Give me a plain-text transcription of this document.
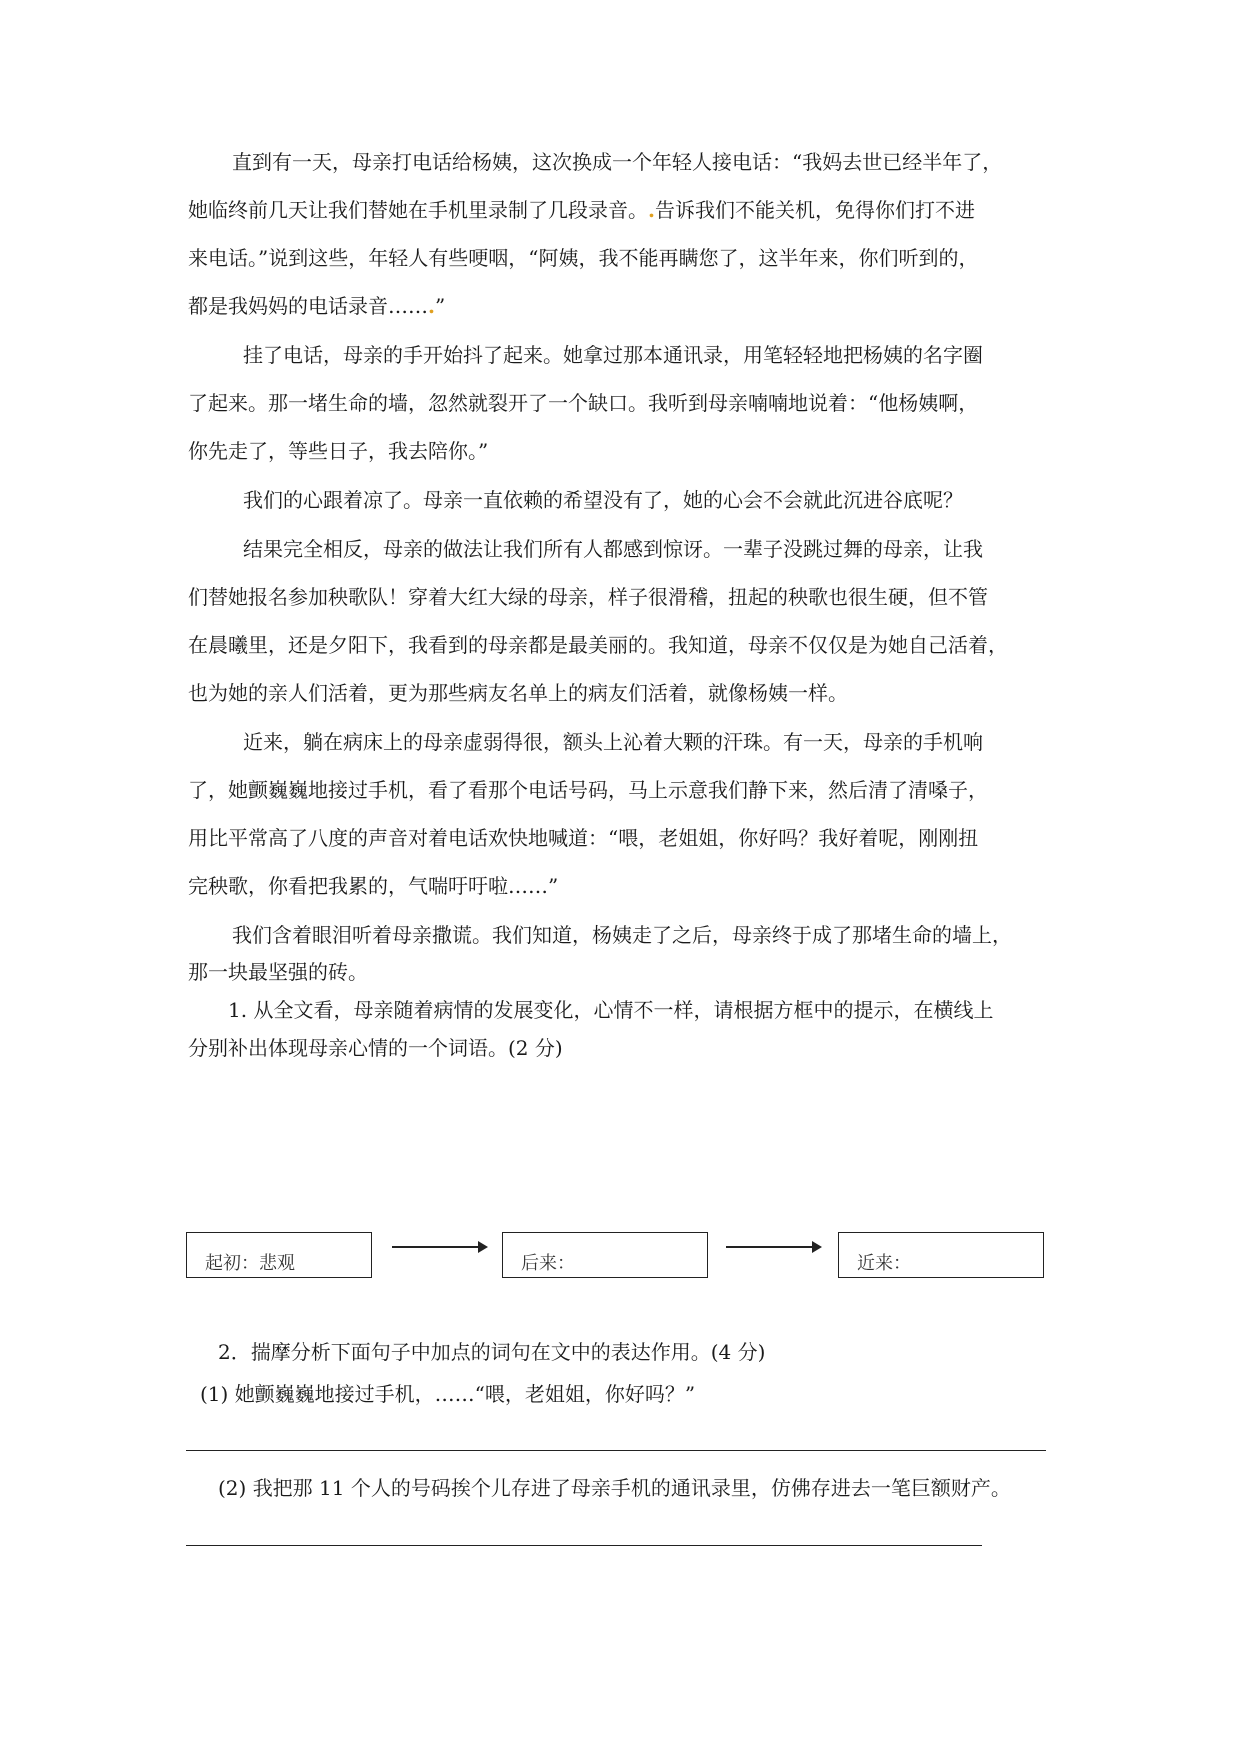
直到有一天，母亲打电话给杨姨，这次换成一个年轻人接电话：“我妈去世已经半年了，
她临终前几天让我们替她在手机里录制了几段录音。.告诉我们不能关机，免得你们打不进
来电话。”说到这些，年轻人有些哽咽，“阿姨，我不能再瞒您了，这半年来，你们听到的，
都是我妈妈的电话录音…….”
挂了电话，母亲的手开始抖了起来。她拿过那本通讯录，用笔轻轻地把杨姨的名字圈
了起来。那一堵生命的墙，忽然就裂开了一个缺口。我听到母亲喃喃地说着：“他杨姨啊，
你先走了，等些日子，我去陪你。”
我们的心跟着凉了。母亲一直依赖的希望没有了，她的心会不会就此沉进谷底呢？
结果完全相反，母亲的做法让我们所有人都感到惊讶。一辈子没跳过舞的母亲，让我
们替她报名参加秧歌队！穿着大红大绿的母亲，样子很滑稽，扭起的秧歌也很生硬，但不管
在晨曦里，还是夕阳下，我看到的母亲都是最美丽的。我知道，母亲不仅仅是为她自己活着，
也为她的亲人们活着，更为那些病友名单上的病友们活着，就像杨姨一样。
近来，躺在病床上的母亲虚弱得很，额头上沁着大颗的汗珠。有一天，母亲的手机响
了，她颤巍巍地接过手机，看了看那个电话号码，马上示意我们静下来，然后清了清嗓子，
用比平常高了八度的声音对着电话欢快地喊道：“喂，老姐姐，你好吗？我好着呢，刚刚扭
完秧歌，你看把我累的，气喘吁吁啦……”
我们含着眼泪听着母亲撒谎。我们知道，杨姨走了之后，母亲终于成了那堵生命的墙上，
那一块最坚强的砖。
1. 从全文看，母亲随着病情的发展变化，心情不一样，请根据方框中的提示，在横线上
分别补出体现母亲心情的一个词语。(2 分)
起初：悲观	后来：	近来：
2．揣摩分析下面句子中加点的词句在文中的表达作用。(4 分)
(1) 她颤巍巍地接过手机，……“喂，老姐姐，你好吗？”
(2) 我把那 11 个人的号码挨个儿存进了母亲手机的通讯录里，仿佛存进去一笔巨额财产。
